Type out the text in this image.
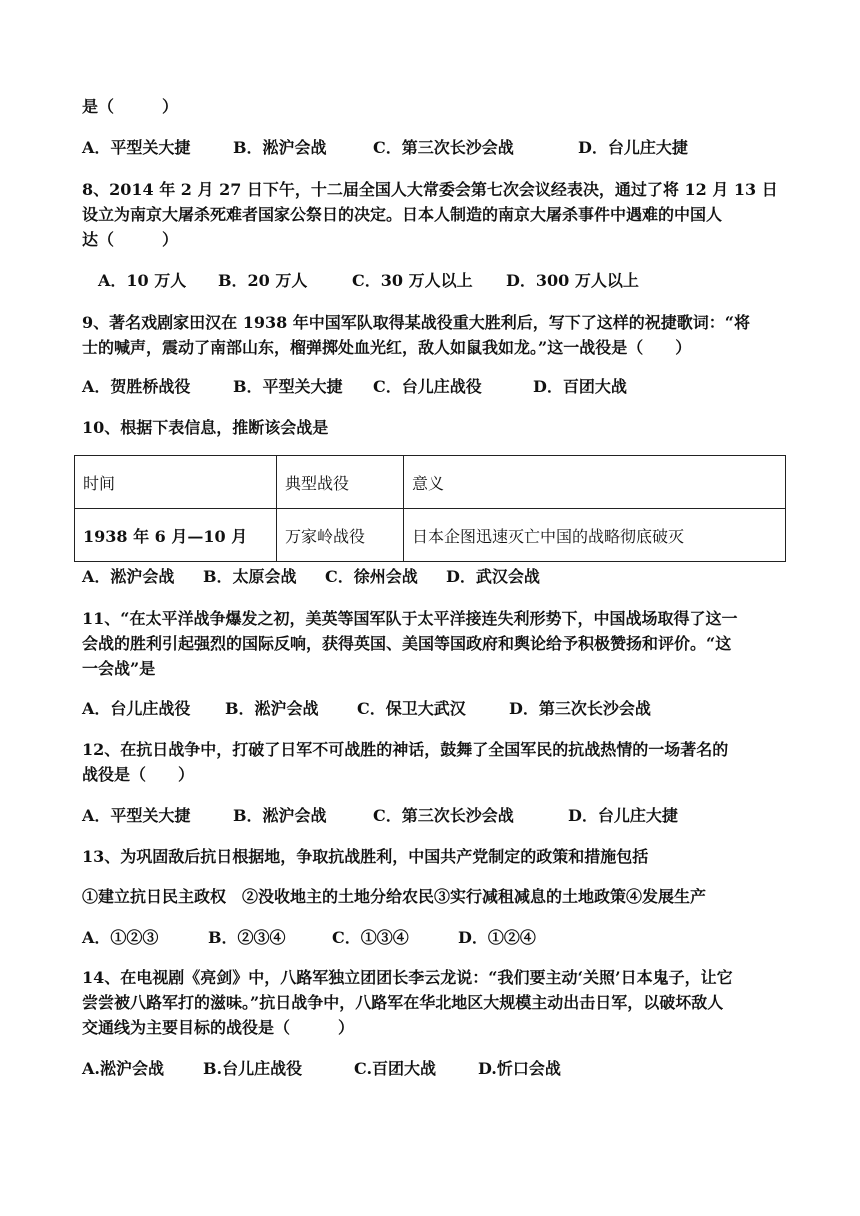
是（　　　）
A．平型关大捷	B．淞沪会战	C．第三次长沙会战	D．台儿庄大捷
8、2014 年 2 月 27 日下午，十二届全国人大常委会第七次会议经表决，通过了将 12 月 13 日
设立为南京大屠杀死难者国家公祭日的决定。日本人制造的南京大屠杀事件中遇难的中国人
达（　　　）
A．10 万人 B．20 万人	C．30 万人以上 D．300 万人以上
9、著名戏剧家田汉在 1938 年中国军队取得某战役重大胜利后，写下了这样的祝捷歌词：“将
士的喊声，震动了南部山东，榴弹掷处血光红，敌人如鼠我如龙。”这一战役是（　　）
A．贺胜桥战役	B．平型关大捷 C．台儿庄战役	D．百团大战
10、根据下表信息，推断该会战是
时间	典型战役	意义
1938 年 6 月—10 月	万家岭战役	日本企图迅速灭亡中国的战略彻底破灭
A．淞沪会战 B．太原会战 C．徐州会战 D．武汉会战
11、“在太平洋战争爆发之初，美英等国军队于太平洋接连失利形势下，中国战场取得了这一
会战的胜利引起强烈的国际反响，获得英国、美国等国政府和舆论给予积极赞扬和评价。“这
一会战”是
A．台儿庄战役 B．淞沪会战 C．保卫大武汉	D．第三次长沙会战
12、在抗日战争中，打破了日军不可战胜的神话，鼓舞了全国军民的抗战热情的一场著名的
战役是（　　）
A．平型关大捷	B．淞沪会战	C．第三次长沙会战	D．台儿庄大捷
13、为巩固敌后抗日根据地，争取抗战胜利，中国共产党制定的政策和措施包括
①建立抗日民主政权　②没收地主的土地分给农民③实行减租减息的土地政策④发展生产
A．①②③	B．②③④	C．①③④	D．①②④
14、在电视剧《亮剑》中，八路军独立团团长李云龙说：“我们要主动‘关照’日本鬼子，让它
尝尝被八路军打的滋味。”抗日战争中，八路军在华北地区大规模主动出击日军，以破坏敌人
交通线为主要目标的战役是（　　　）
A.淞沪会战 B.台儿庄战役	C.百团大战	D.忻口会战
